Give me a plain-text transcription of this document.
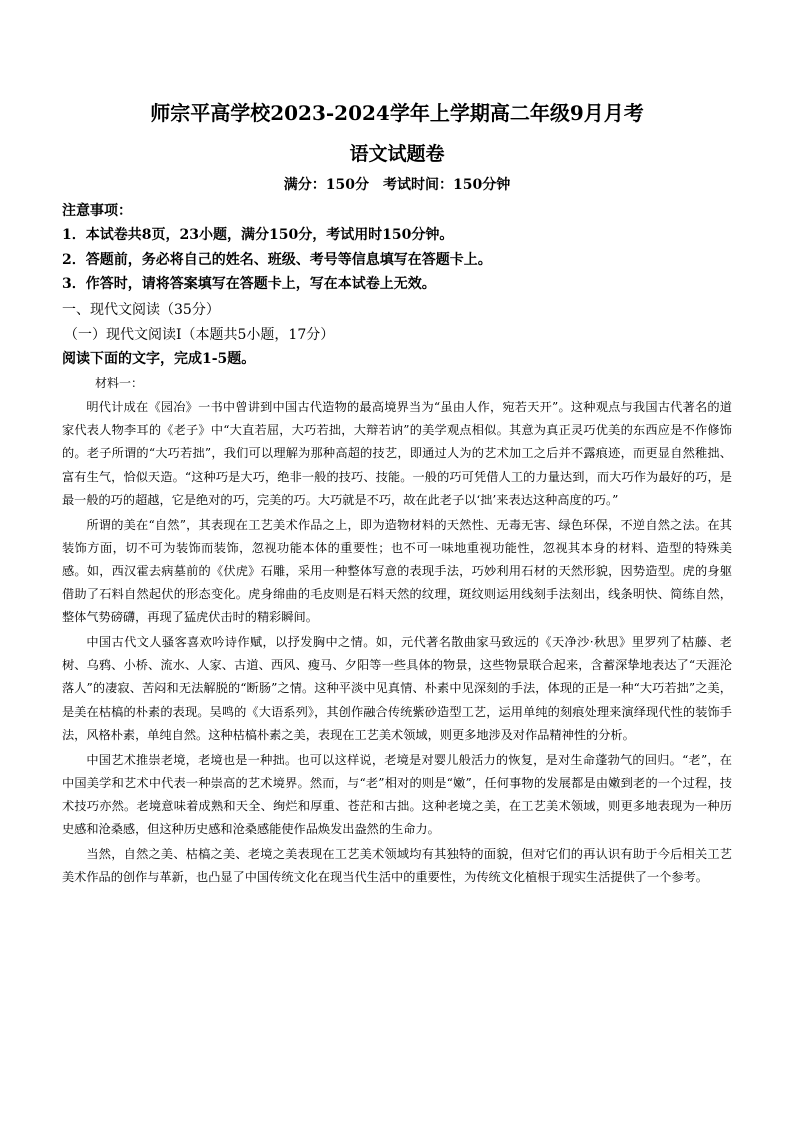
师宗平高学校2023-2024学年上学期高二年级9月月考
语文试题卷
满分：150分　考试时间：150分钟
注意事项：
1．本试卷共8页，23小题，满分150分，考试用时150分钟。
2．答题前，务必将自己的姓名、班级、考号等信息填写在答题卡上。
3．作答时，请将答案填写在答题卡上，写在本试卷上无效。
一、现代文阅读（35分）
（一）现代文阅读Ⅰ（本题共5小题，17分）
阅读下面的文字，完成1-5题。
材料一：

明代计成在《园冶》一书中曾讲到中国古代造物的最高境界当为“虽由人作，宛若天开”。这种观点与我国古代著名的道家代表人物李耳的《老子》中“大直若屈，大巧若拙，大辩若讷”的美学观点相似。其意为真正灵巧优美的东西应是不作修饰的。老子所谓的“大巧若拙”，我们可以理解为那种高超的技艺，即通过人为的艺术加工之后并不露痕迹，而更显自然稚拙、富有生气，恰似天造。“这种巧是大巧，绝非一般的技巧、技能。一般的巧可凭借人工的力量达到，而大巧作为最好的巧，是最一般的巧的超越，它是绝对的巧，完美的巧。大巧就是不巧，故在此老子以‘拙’来表达这种高度的巧。”

所谓的美在“自然”，其表现在工艺美术作品之上，即为造物材料的天然性、无毒无害、绿色环保，不逆自然之法。在其装饰方面，切不可为装饰而装饰，忽视功能本体的重要性；也不可一味地重视功能性，忽视其本身的材料、造型的特殊美感。如，西汉霍去病墓前的《伏虎》石雕，采用一种整体写意的表现手法，巧妙利用石材的天然形貌，因势造型。虎的身躯借助了石料自然起伏的形态变化。虎身绵曲的毛皮则是石料天然的纹理，斑纹则运用线刻手法刻出，线条明快、简练自然，整体气势磅礴，再现了猛虎伏击时的精彩瞬间。

中国古代文人骚客喜欢吟诗作赋，以抒发胸中之情。如，元代著名散曲家马致远的《天净沙·秋思》里罗列了枯藤、老树、乌鸦、小桥、流水、人家、古道、西风、瘦马、夕阳等一些具体的物景，这些物景联合起来，含蓄深挚地表达了“天涯沦落人”的凄寂、苦闷和无法解脱的“断肠”之情。这种平淡中见真情、朴素中见深刻的手法，体现的正是一种“大巧若拙”之美，是美在枯槁的朴素的表现。吴鸣的《大语系列》，其创作融合传统紫砂造型工艺，运用单纯的刻痕处理来演绎现代性的装饰手法，风格朴素，单纯自然。这种枯槁朴素之美，表现在工艺美术领域，则更多地涉及对作品精神性的分析。

中国艺术推崇老境，老境也是一种拙。也可以这样说，老境是对婴儿般活力的恢复，是对生命蓬勃气的回归。“老”，在中国美学和艺术中代表一种崇高的艺术境界。然而，与“老”相对的则是“嫩”，任何事物的发展都是由嫩到老的一个过程，技术技巧亦然。老境意味着成熟和天全、绚烂和厚重、苍茫和古拙。这种老境之美，在工艺美术领域，则更多地表现为一种历史感和沧桑感，但这种历史感和沧桑感能使作品焕发出盎然的生命力。

当然，自然之美、枯槁之美、老境之美表现在工艺美术领域均有其独特的面貌，但对它们的再认识有助于今后相关工艺美术作品的创作与革新，也凸显了中国传统文化在现当代生活中的重要性，为传统文化植根于现实生活提供了一个参考。
